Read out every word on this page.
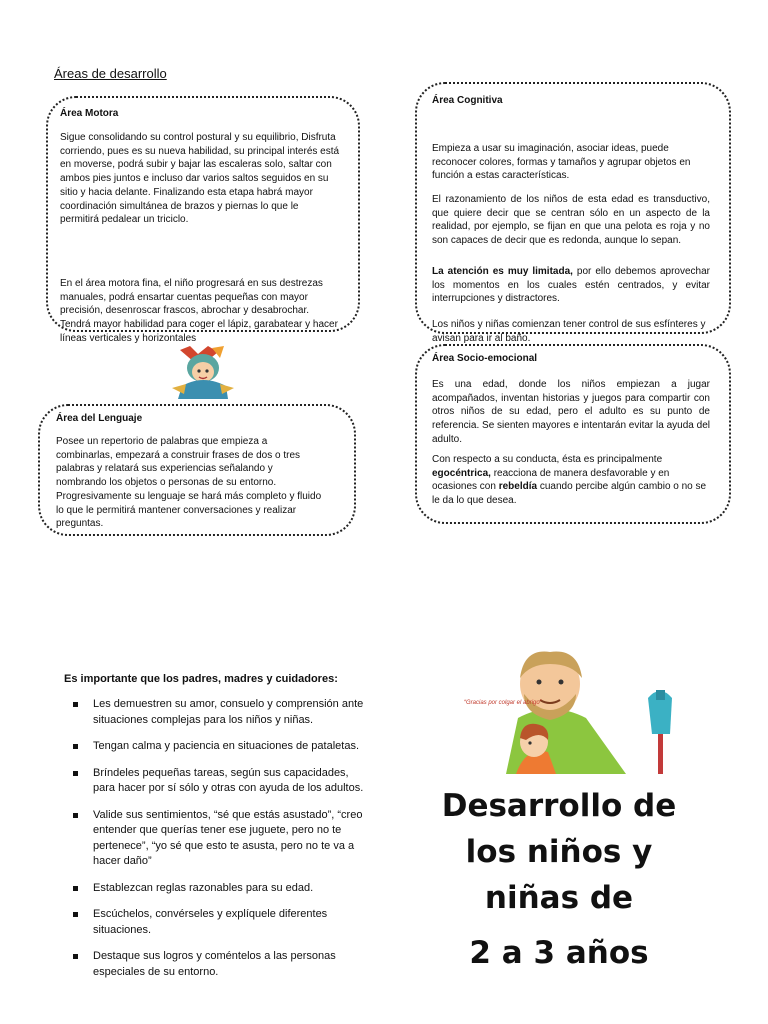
Áreas de desarrollo
Área Motora
Sigue consolidando su control postural y su equilibrio, Disfruta corriendo, pues es su nueva habilidad, su principal interés está en moverse, podrá subir y bajar las escaleras solo, saltar con ambos pies juntos e incluso dar varios saltos seguidos en su sitio y hacia delante. Finalizando esta etapa habrá mayor coordinación simultánea de brazos y piernas lo que le permitirá pedalear un triciclo.
En el área motora fina, el niño progresará en sus destrezas manuales, podrá ensartar cuentas pequeñas con mayor precisión, desenroscar frascos, abrochar y desabrochar. Tendrá mayor habilidad para coger el lápiz, garabatear y hacer líneas verticales y horizontales
Área del Lenguaje
Posee un repertorio de palabras que empieza a combinarlas, empezará a construir frases de dos o tres palabras y relatará sus experiencias señalando y nombrando los objetos o personas de su entorno. Progresivamente su lenguaje se hará más completo y fluido lo que le permitirá mantener conversaciones y realizar preguntas.
Área Cognitiva
Empieza a usar su imaginación, asociar ideas, puede reconocer colores, formas y tamaños y agrupar objetos en función a estas características.
El razonamiento de los niños de esta edad es transductivo, que quiere decir que se centran sólo en un aspecto de la realidad, por ejemplo, se fijan en que una pelota es roja y no son capaces de decir que es redonda, aunque lo sepan.
La atención es muy limitada, por ello debemos aprovechar los momentos en los cuales estén centrados, y evitar interrupciones y distractores.
Los niños y niñas comienzan tener control de sus esfínteres y avisan para ir al baño.
Área Socio-emocional
Es una edad, donde los niños empiezan a jugar acompañados, inventan historias y juegos para compartir con otros niños de su edad, pero el adulto es su punto de referencia. Se sienten mayores e intentarán evitar la ayuda del adulto.
Con respecto a su conducta, ésta es principalmente egocéntrica, reacciona de manera desfavorable y en ocasiones con rebeldía cuando percibe algún cambio o no se le da lo que desea.
Es importante que los padres, madres y cuidadores:
Les demuestren su amor, consuelo y comprensión ante situaciones complejas para los niños y niñas.
Tengan calma y paciencia en situaciones de pataletas.
Bríndeles pequeñas tareas, según sus capacidades, para hacer por sí sólo y otras con ayuda de los adultos.
Valide sus sentimientos, “sé que estás asustado”, “creo entender que querías tener ese juguete, pero no te pertenece”, “yo sé que esto te asusta, pero no te va a hacer daño”
Establezcan reglas razonables para su edad.
Escúchelos, convérseles y explíquele diferentes situaciones.
Destaque sus logros y coméntelos a las personas especiales de su entorno.
“Gracias por colgar el abrigo”
Desarrollo de
los niños y
niñas de
2 a 3 años
